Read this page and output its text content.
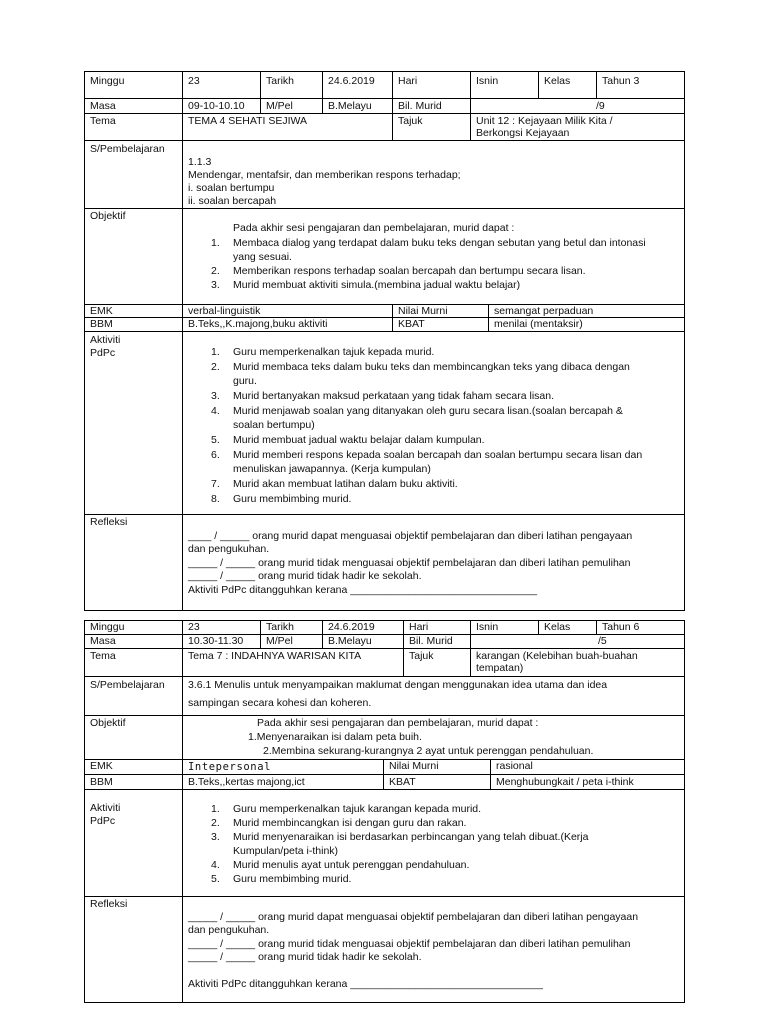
Minggu	23	Tarikh	24.6.2019 Hari	Isnin	Kelas	Tahun 3
Masa	09-10-10.10 M/Pel	B.Melayu Bil. Murid	/9
Tema	TEMA 4 SEHATI SEJIWA	Tajuk	Unit 12 : Kejayaan Milik Kita /
Berkongsi Kejayaan
S/Pembelajaran
1.1.3
Mendengar, mentafsir, dan memberikan respons terhadap;
i. soalan bertumpu
ii. soalan bercapah
Objektif
Pada akhir sesi pengajaran dan pembelajaran, murid dapat :
1. Membaca dialog yang terdapat dalam buku teks dengan sebutan yang betul dan intonasi
yang sesuai.
2. Memberikan respons terhadap soalan bercapah dan bertumpu secara lisan.
3. Murid membuat aktiviti simula.(membina jadual waktu belajar)
EMK	verbal-linguistik	Nilai Murni	semangat perpaduan
BBM	B.Teks,,K.majong,buku aktiviti	KBAT	menilai (mentaksir)
Aktiviti
PdPc	1. Guru memperkenalkan tajuk kepada murid.
2. Murid membaca teks dalam buku teks dan membincangkan teks yang dibaca dengan
guru.
3. Murid bertanyakan maksud perkataan yang tidak faham secara lisan.
4. Murid menjawab soalan yang ditanyakan oleh guru secara lisan.(soalan bercapah &
soalan bertumpu)
5. Murid membuat jadual waktu belajar dalam kumpulan.
6. Murid memberi respons kepada soalan bercapah dan soalan bertumpu secara lisan dan
menuliskan jawapannya. (Kerja kumpulan)
7. Murid akan membuat latihan dalam buku aktiviti.
8. Guru membimbing murid.
Refleksi
____ / _____ orang murid dapat menguasai objektif pembelajaran dan diberi latihan pengayaan
dan pengukuhan.
_____ / _____ orang murid tidak menguasai objektif pembelajaran dan diberi latihan pemulihan
_____ / _____ orang murid tidak hadir ke sekolah.
Aktiviti PdPc ditangguhkan kerana ________________________________
Minggu	23	Tarikh	24.6.2019	Hari	Isnin	Kelas	Tahun 6
Masa	10.30-11.30 M/Pel	B.Melayu	Bil. Murid	/5
Tema	Tema 7 : INDAHNYA WARISAN KITA	Tajuk	karangan (Kelebihan buah-buahan
tempatan)
S/Pembelajaran 3.6.1 Menulis untuk menyampaikan maklumat dengan menggunakan idea utama dan idea
sampingan secara kohesi dan koheren.
Objektif	Pada akhir sesi pengajaran dan pembelajaran, murid dapat :
1.Menyenaraikan isi dalam peta buih.
2.Membina sekurang-kurangnya 2 ayat untuk perenggan pendahuluan.
EMK	Intepersonal	Nilai Murni	rasional
BBM	B.Teks,,kertas majong,ict	KBAT	Menghubungkait / peta i-think
Aktiviti
PdPc
1. Guru memperkenalkan tajuk karangan kepada murid.
2. Murid membincangkan isi dengan guru dan rakan.
3. Murid menyenaraikan isi berdasarkan perbincangan yang telah dibuat.(Kerja
Kumpulan/peta i-think)
4. Murid menulis ayat untuk perenggan pendahuluan.
5. Guru membimbing murid.
Refleksi
_____ / _____ orang murid dapat menguasai objektif pembelajaran dan diberi latihan pengayaan
dan pengukuhan.
_____ / _____ orang murid tidak menguasai objektif pembelajaran dan diberi latihan pemulihan
_____ / _____ orang murid tidak hadir ke sekolah.
Aktiviti PdPc ditangguhkan kerana _________________________________
